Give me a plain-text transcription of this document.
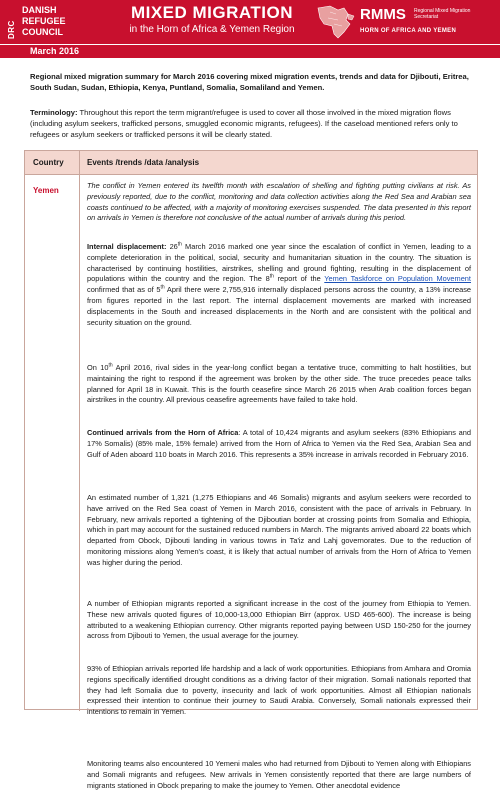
DRC
DANISH
REFUGEE
COUNCIL
MIXED MIGRATION
in the Horn of Africa & Yemen Region
RMMS Regional Mixed Migration Secretariat
HORN OF AFRICA AND YEMEN
March 2016
Regional mixed migration summary for March 2016 covering mixed migration events, trends and data for Djibouti, Eritrea, South Sudan, Sudan, Ethiopia, Kenya, Puntland, Somalia, Somaliland and Yemen.
Terminology: Throughout this report the term migrant/refugee is used to cover all those involved in the mixed migration flows (including asylum seekers, trafficked persons, smuggled economic migrants, refugees). If the caseload mentioned refers only to refugees or asylum seekers or trafficked persons it will be clearly stated.
Country	Events /trends /data /analysis
Yemen

The conflict in Yemen entered its twelfth month with escalation of shelling and fighting putting civilians at risk. As previously reported, due to the conflict, monitoring and data collection activities along the Red Sea and Arabian sea coasts continued to be affected, with a majority of monitoring exercises suspended. The data presented in this report on arrivals in Yemen is therefore not conclusive of the actual number of arrivals during this period.

Internal displacement: 26th March 2016 marked one year since the escalation of conflict in Yemen, leading to a complete deterioration in the political, social, security and humanitarian situation in the country. The situation is characterised by continuing hostilities, airstrikes, shelling and ground fighting, resulting in the displacement of populations within the country and the region. The 8th report of the Yemen Taskforce on Population Movement confirmed that as of 5th April there were 2,755,916 internally displaced persons across the country, a 13% increase from figures reported in the last report. The internal displacement movements are marked with increased displacements in the South and increased displacements in the North and are consistent with the political and security situation on the ground.

On 10th April 2016, rival sides in the year-long conflict began a tentative truce, committing to halt hostilities, but maintaining the right to respond if the agreement was broken by the other side. The truce precedes peace talks planned for April 18 in Kuwait. This is the fourth ceasefire since March 26 2015 when Arab coalition forces began airstrikes in the country. All previous ceasefire agreements have failed to take hold.

Continued arrivals from the Horn of Africa: A total of 10,424 migrants and asylum seekers (83% Ethiopians and 17% Somalis) (85% male, 15% female) arrived from the Horn of Africa to Yemen via the Red Sea, Arabian Sea and Gulf of Aden aboard 110 boats in March 2016. This represents a 35% increase in arrivals recorded in February 2016.

An estimated number of 1,321 (1,275 Ethiopians and 46 Somalis) migrants and asylum seekers were recorded to have arrived on the Red Sea coast of Yemen in March 2016, consistent with the pace of arrivals in February. In February, new arrivals reported a tightening of the Djiboutian border at crossing points from Somalia and Ethiopia, which in part may account for the sustained reduced numbers in March. The migrants arrived aboard 22 boats which departed from Obock, Djibouti landing in various towns in Ta'iz and Lahj governorates. Due to the reduction of monitoring missions along Yemen's coast, it is likely that actual number of arrivals from the Horn of Africa to Yemen was higher during the period.

A number of Ethiopian migrants reported a significant increase in the cost of the journey from Ethiopia to Yemen. These new arrivals quoted figures of 10,000-13,000 Ethiopian Birr (approx. USD 465-600). The increase is being attributed to a weakening Ethiopian currency. Other migrants reported paying between USD 150-250 for the journey across from Djibouti to Yemen, the usual average for the journey.

93% of Ethiopian arrivals reported life hardship and a lack of work opportunities. Ethiopians from Amhara and Oromia regions specifically identified drought conditions as a driving factor of their migration. Somali nationals reported that they had left Somalia due to poverty, insecurity and lack of work opportunities. Almost all Ethiopian nationals expressed their intention to continue their journey to Saudi Arabia. Conversely, Somali nationals expressed their intentions to remain in Yemen.

Monitoring teams also encountered 10 Yemeni males who had returned from Djibouti to Yemen along with Ethiopians and Somali migrants and refugees. New arrivals in Yemen consistently reported that there are large numbers of migrants stationed in Obock preparing to make the journey to Yemen. Other anecdotal evidence
